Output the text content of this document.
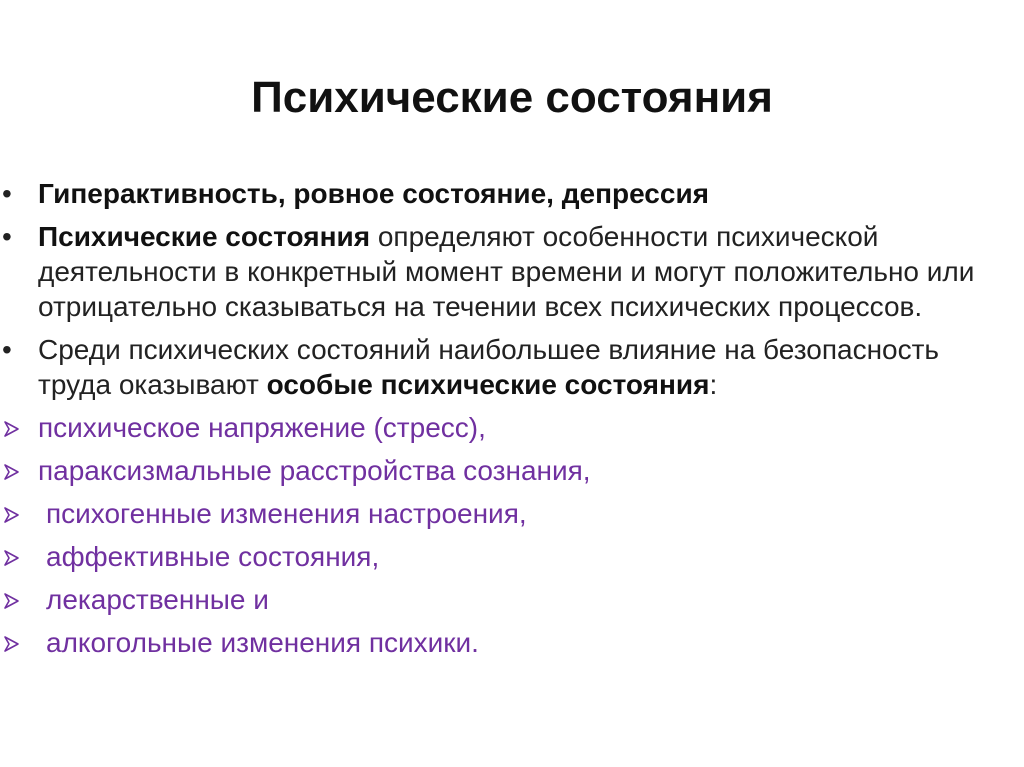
Психические состояния
• Гиперактивность, ровное состояние, депрессия
• Психические состояния определяют особенности психической деятельности в конкретный момент времени и могут положительно или отрицательно сказываться на течении всех психических процессов.
• Среди психических состояний наибольшее влияние на безопасность труда оказывают особые психические состояния:
психическое напряжение (стресс),
параксизмальные расстройства сознания,
психогенные изменения настроения,
аффективные состояния,
лекарственные и
алкогольные изменения психики.
